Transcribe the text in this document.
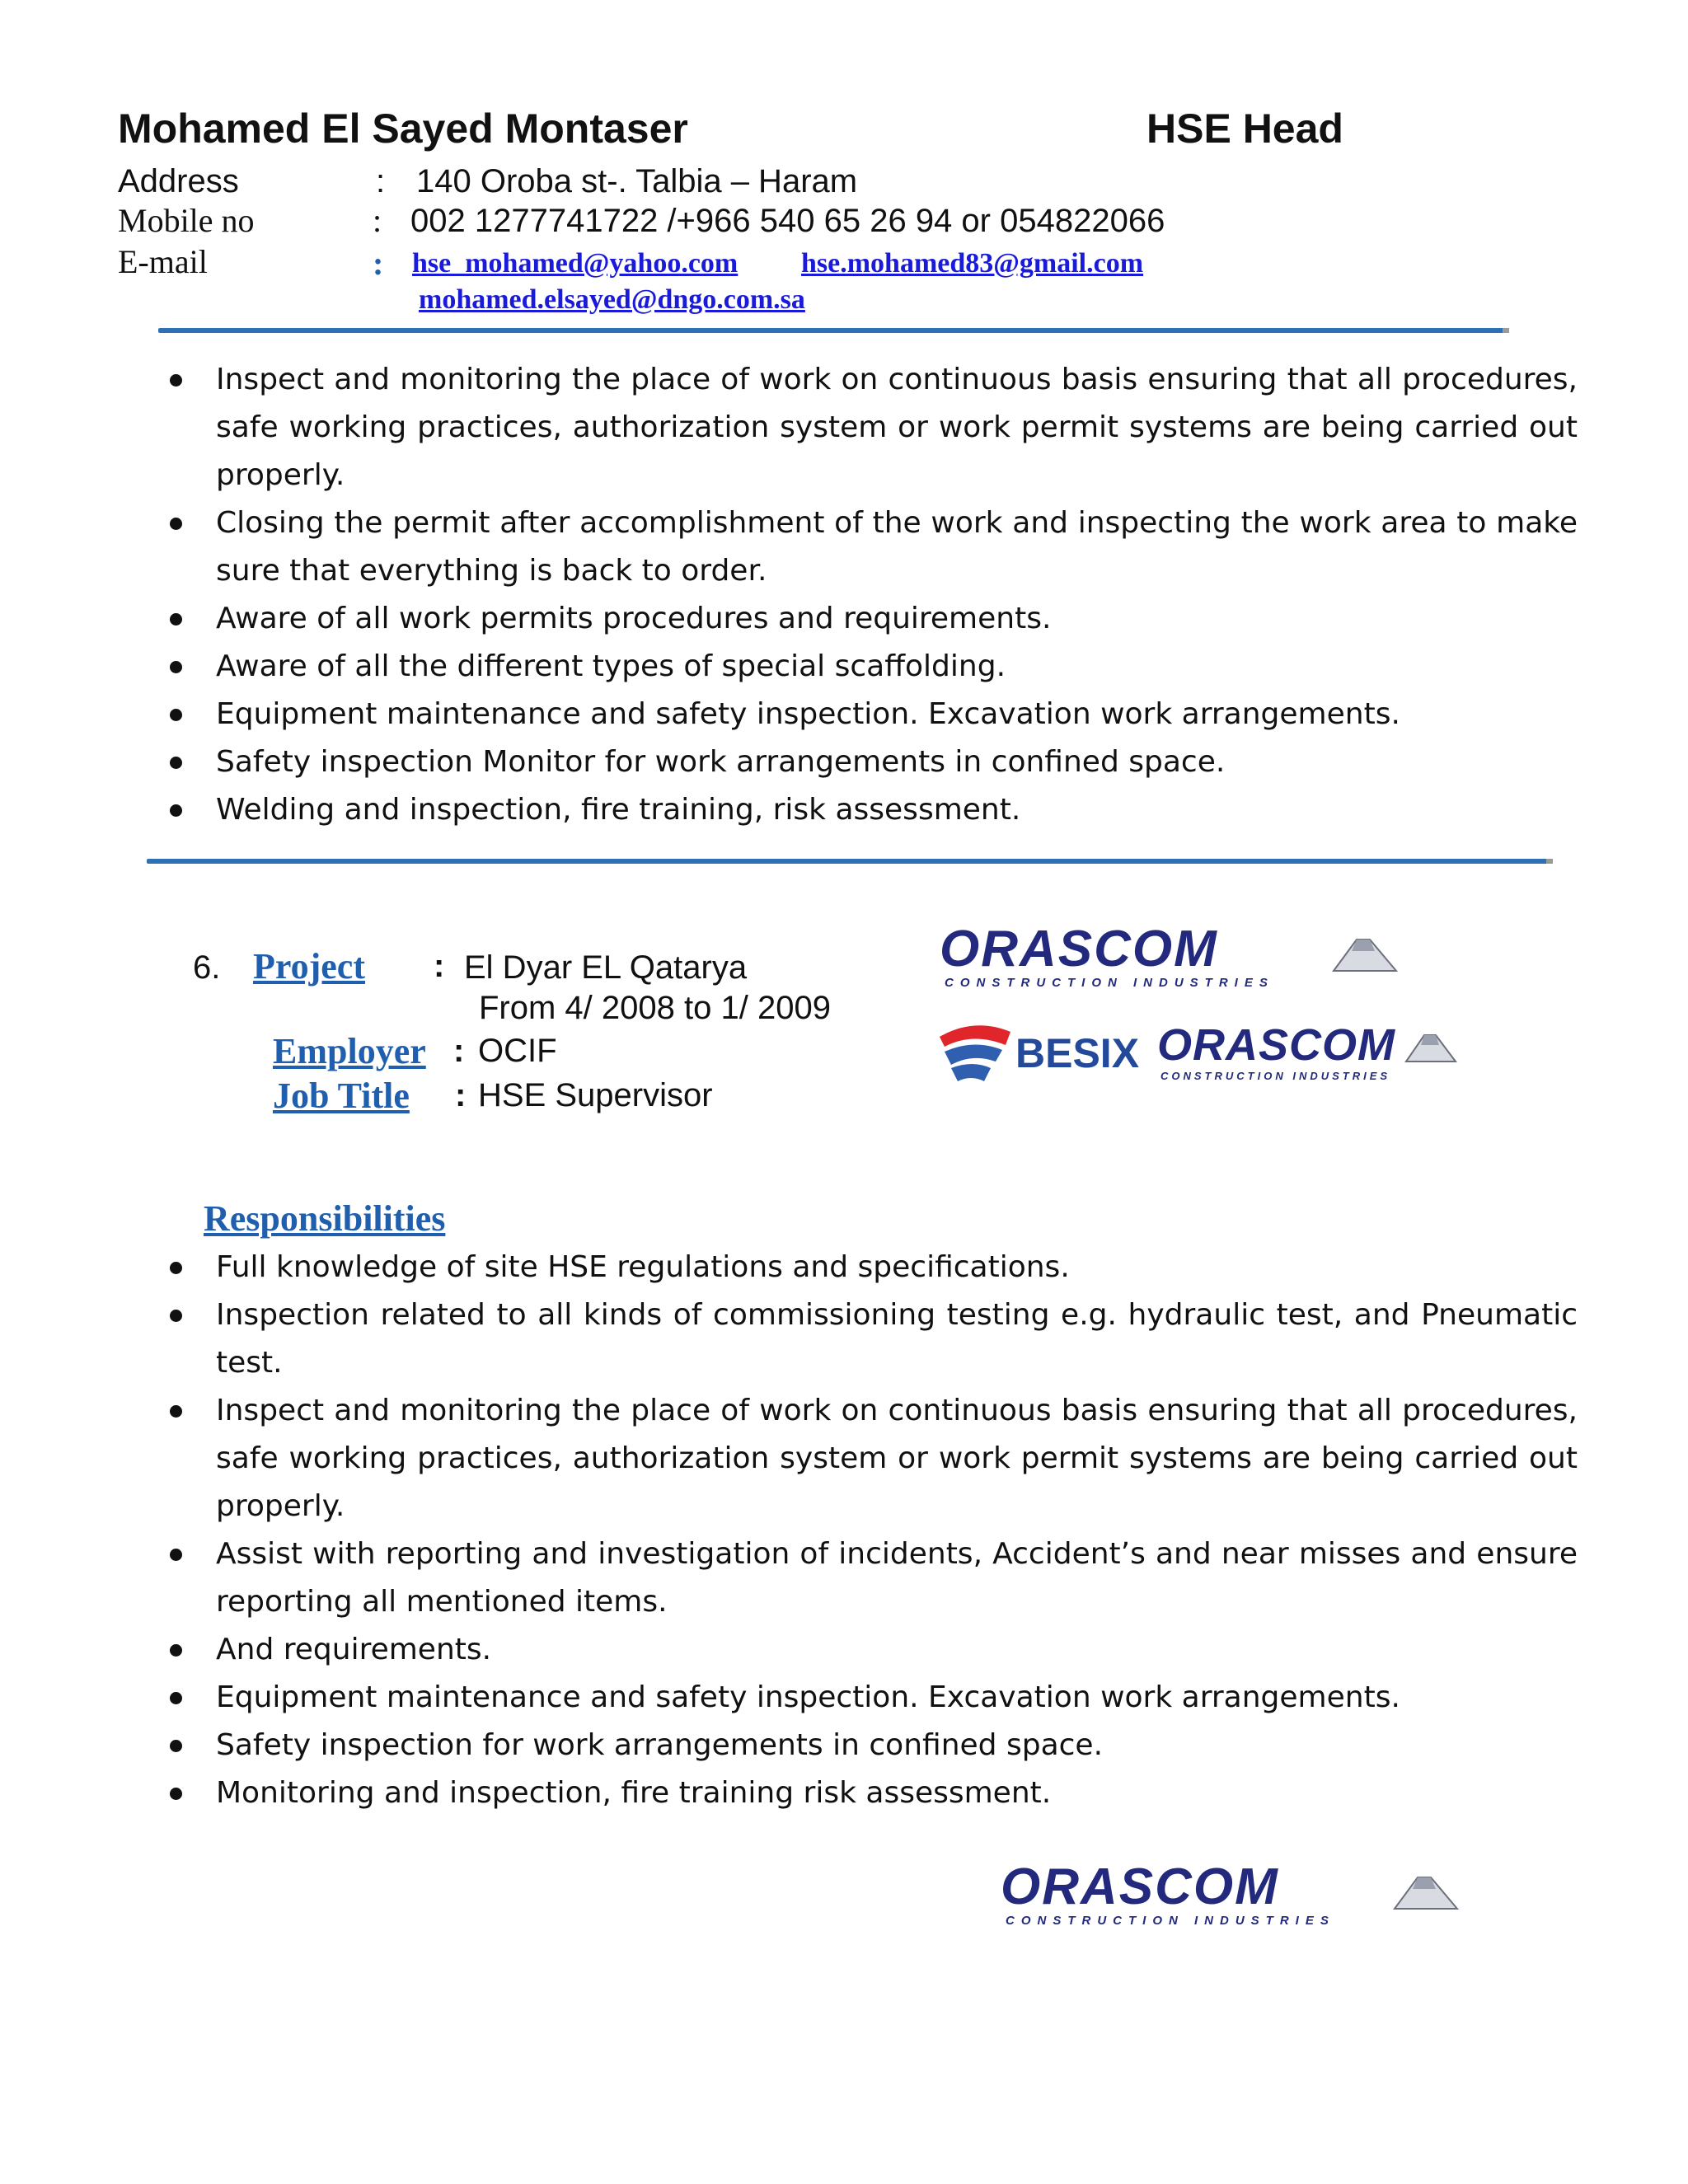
Mohamed El Sayed Montaser	HSE Head
Address	: 140 Oroba st-. Talbia – Haram
Mobile no	: 002 1277741722 /+966 540 65 26 94 or 054822066
E-mail	: hse_mohamed@yahoo.com hse.mohamed83@gmail.com
mohamed.elsayed@dngo.com.sa
Inspect and monitoring the place of work on continuous basis ensuring that all procedures, safe working practices, authorization system or work permit systems are being carried out properly.
Closing the permit after accomplishment of the work and inspecting the work area to make sure that everything is back to order.
Aware of all work permits procedures and requirements.
Aware of all the different types of special scaffolding.
Equipment maintenance and safety inspection. Excavation work arrangements.
Safety inspection Monitor for work arrangements in confined space.
Welding and inspection, fire training, risk assessment.
6. Project : El Dyar EL Qatarya
From 4/ 2008 to 1/ 2009
Employer : OCIF
Job Title : HSE Supervisor
ORASCOM
CONSTRUCTION INDUSTRIES
BESIX ORASCOM
CONSTRUCTION INDUSTRIES
Responsibilities
Full knowledge of site HSE regulations and specifications.
Inspection related to all kinds of commissioning testing e.g. hydraulic test, and Pneumatic test.
Inspect and monitoring the place of work on continuous basis ensuring that all procedures, safe working practices, authorization system or work permit systems are being carried out properly.
Assist with reporting and investigation of incidents, Accident’s and near misses and ensure reporting all mentioned items.
And requirements.
Equipment maintenance and safety inspection. Excavation work arrangements.
Safety inspection for work arrangements in confined space.
Monitoring and inspection, fire training risk assessment.
ORASCOM
CONSTRUCTION INDUSTRIES
